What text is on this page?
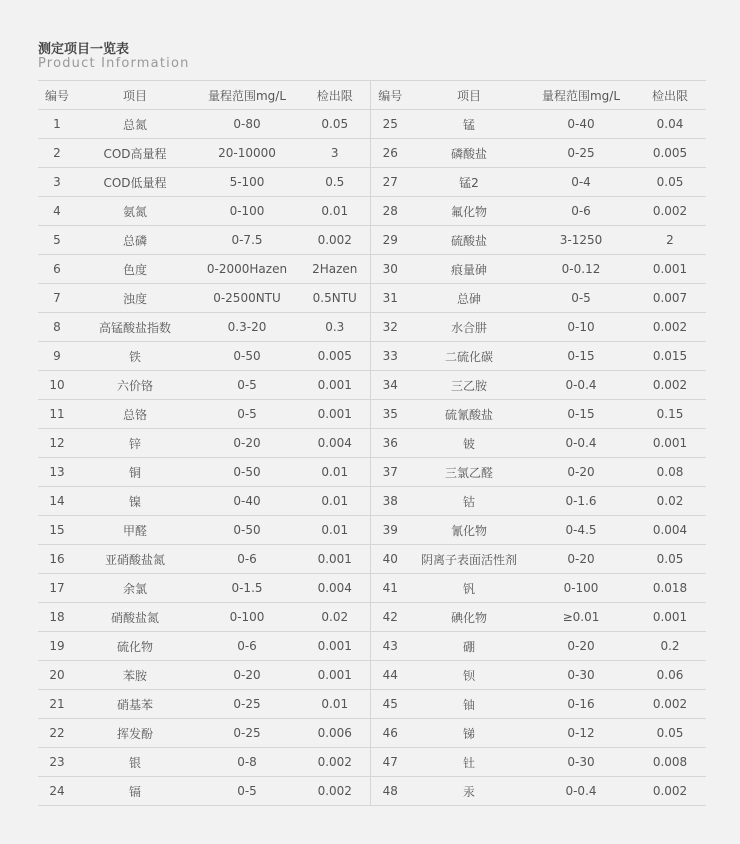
测定项目一览表
Product Information
编号	项目	量程范围mg/L	检出限	编号	项目	量程范围mg/L	检出限
1	总氮	0-80	0.05	25	锰	0-40	0.04
2	COD高量程	20-10000	3	26	磷酸盐	0-25	0.005
3	COD低量程	5-100	0.5	27	锰2	0-4	0.05
4	氨氮	0-100	0.01	28	氟化物	0-6	0.002
5	总磷	0-7.5	0.002	29	硫酸盐	3-1250	2
6	色度	0-2000Hazen	2Hazen	30	痕量砷	0-0.12	0.001
7	浊度	0-2500NTU	0.5NTU	31	总砷	0-5	0.007
8	高锰酸盐指数	0.3-20	0.3	32	水合肼	0-10	0.002
9	铁	0-50	0.005	33	二硫化碳	0-15	0.015
10	六价铬	0-5	0.001	34	三乙胺	0-0.4	0.002
11	总铬	0-5	0.001	35	硫氰酸盐	0-15	0.15
12	锌	0-20	0.004	36	铍	0-0.4	0.001
13	铜	0-50	0.01	37	三氯乙醛	0-20	0.08
14	镍	0-40	0.01	38	钴	0-1.6	0.02
15	甲醛	0-50	0.01	39	氰化物	0-4.5	0.004
16	亚硝酸盐氮	0-6	0.001	40	阴离子表面活性剂	0-20	0.05
17	余氯	0-1.5	0.004	41	钒	0-100	0.018
18	硝酸盐氮	0-100	0.02	42	碘化物	≥0.01	0.001
19	硫化物	0-6	0.001	43	硼	0-20	0.2
20	苯胺	0-20	0.001	44	钡	0-30	0.06
21	硝基苯	0-25	0.01	45	铀	0-16	0.002
22	挥发酚	0-25	0.006	46	锑	0-12	0.05
23	银	0-8	0.002	47	钍	0-30	0.008
24	镉	0-5	0.002	48	汞	0-0.4	0.002
